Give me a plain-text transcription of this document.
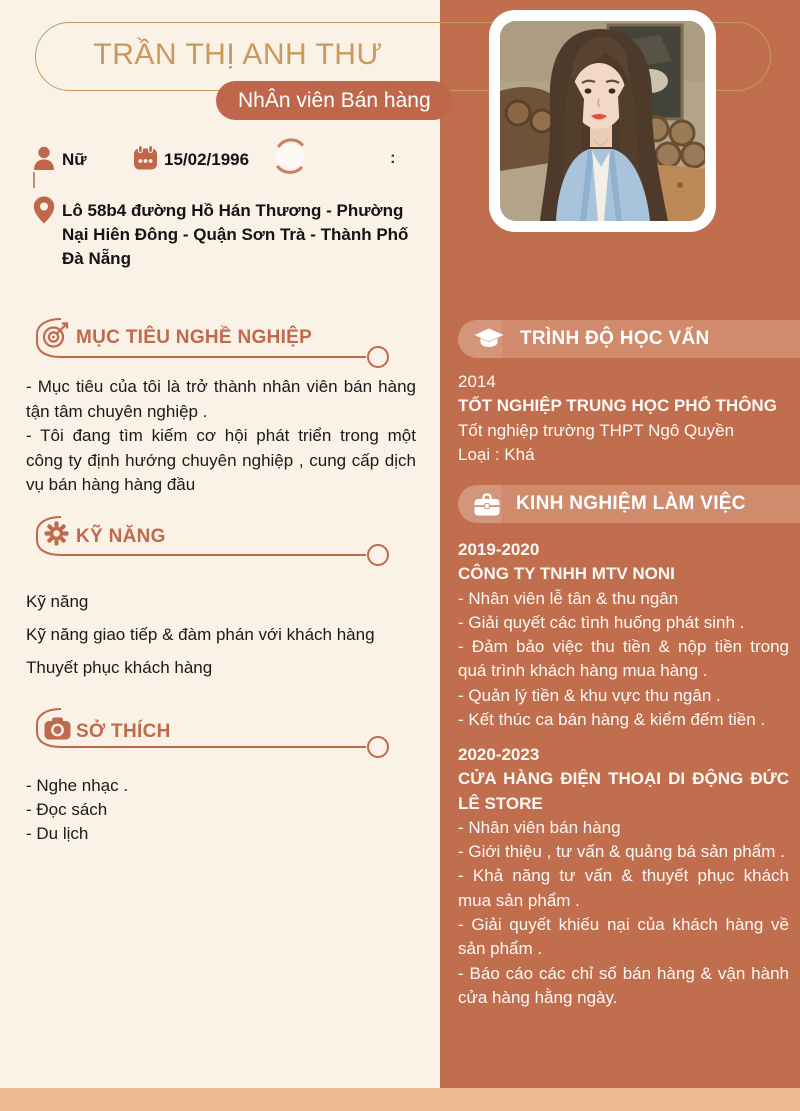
TRẦN THỊ ANH THƯ
NhÂn viên Bán hàng
Nữ	15/02/1996	:
Lô 58b4 đường Hồ Hán Thương - Phường Nại Hiên Đông - Quận Sơn Trà - Thành Phố Đà Nẵng
MỤC TIÊU NGHỀ NGHIỆP
- Mục tiêu của tôi là trở thành nhân viên bán hàng tận tâm chuyên nghiệp .
- Tôi đang tìm kiếm cơ hội phát triển trong một công ty định hướng chuyên nghiệp , cung cấp dịch vụ bán hàng hàng đầu
KỸ NĂNG
Kỹ năng
Kỹ năng giao tiếp & đàm phán với khách hàng
Thuyết phục khách hàng
SỞ THÍCH
- Nghe nhạc .
- Đọc sách
- Du lịch
TRÌNH ĐỘ HỌC VẤN
2014
TỐT NGHIỆP TRUNG HỌC PHỔ THÔNG
Tốt nghiệp trường THPT Ngô Quyền
Loại : Khá
KINH NGHIỆM LÀM VIỆC
2019-2020
CÔNG TY TNHH MTV NONI
- Nhân viên lễ tân & thu ngân
- Giải quyết các tình huống phát sinh .
- Đảm bảo việc thu tiền & nộp tiền trong quá trình khách hàng mua hàng .
- Quản lý tiền & khu vực thu ngân .
- Kết thúc ca bán hàng & kiểm đếm tiền .
2020-2023
CỬA HÀNG ĐIỆN THOẠI DI ĐỘNG ĐỨC LÊ STORE
- Nhân viên bán hàng
- Giới thiệu , tư vấn & quảng bá sản phẩm .
- Khả năng tư vấn & thuyết phục khách mua sản phẩm .
- Giải quyết khiếu nại của khách hàng về sản phẩm .
- Báo cáo các chỉ số bán hàng & vận hành cửa hàng hằng ngày.
